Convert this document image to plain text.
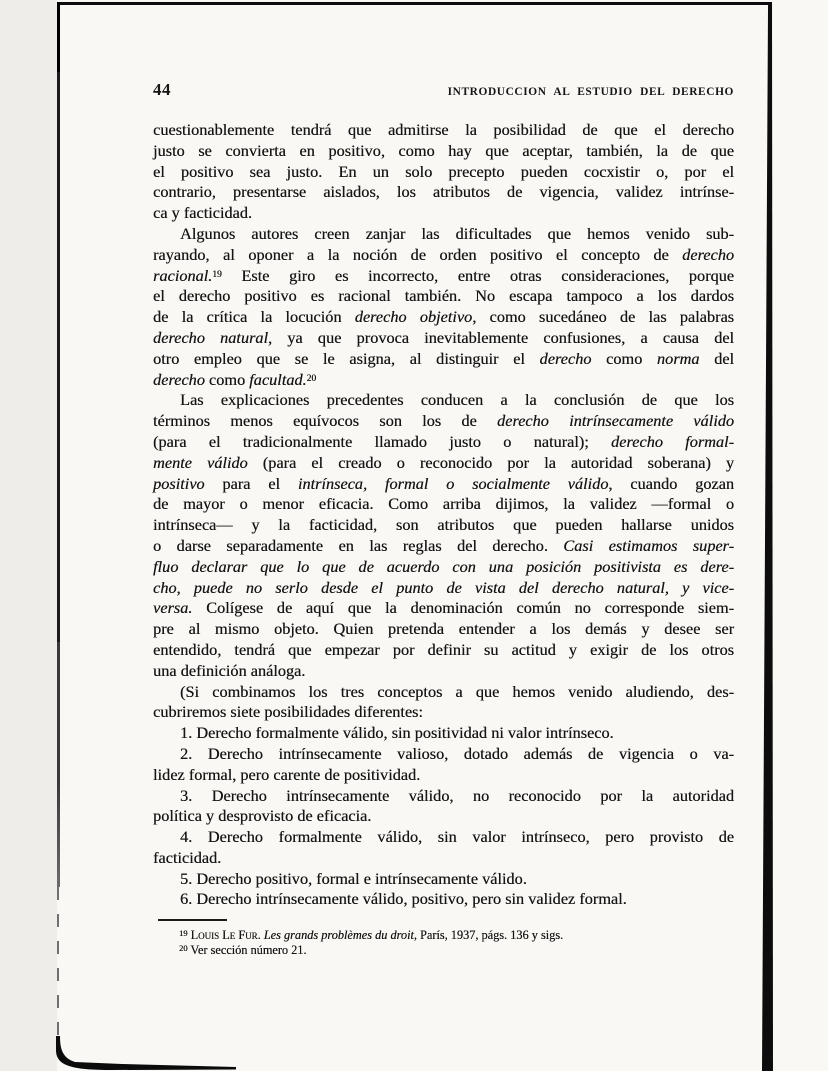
44	INTRODUCCION AL ESTUDIO DEL DERECHO
cuestionablemente tendrá que admitirse la posibilidad de que el derecho
justo se convierta en positivo, como hay que aceptar, también, la de que
el positivo sea justo. En un solo precepto pueden cocxistir o, por el
contrario, presentarse aislados, los atributos de vigencia, validez intrínse-
ca y facticidad.
Algunos autores creen zanjar las dificultades que hemos venido sub-
rayando, al oponer a la noción de orden positivo el concepto de derecho
racional.$^{19}$ Este giro es incorrecto, entre otras consideraciones, porque
el derecho positivo es racional también. No escapa tampoco a los dardos
de la crítica la locución derecho objetivo, como sucedáneo de las palabras
derecho natural, ya que provoca inevitablemente confusiones, a causa del
otro empleo que se le asigna, al distinguir el derecho como norma del
derecho como facultad.$^{20}$
Las explicaciones precedentes conducen a la conclusión de que los
términos menos equívocos son los de derecho intrínsecamente válido
(para el tradicionalmente llamado justo o natural); derecho formal-
mente válido (para el creado o reconocido por la autoridad soberana) y
positivo para el intrínseca, formal o socialmente válido, cuando gozan
de mayor o menor eficacia. Como arriba dijimos, la validez —formal o
intrínseca— y la facticidad, son atributos que pueden hallarse unidos
o darse separadamente en las reglas del derecho. Casi estimamos super-
fluo declarar que lo que de acuerdo con una posición positivista es dere-
cho, puede no serlo desde el punto de vista del derecho natural, y vice-
versa. Colígese de aquí que la denominación común no corresponde siem-
pre al mismo objeto. Quien pretenda entender a los demás y desee ser
entendido, tendrá que empezar por definir su actitud y exigir de los otros
una definición análoga.
(Si combinamos los tres conceptos a que hemos venido aludiendo, des-
cubriremos siete posibilidades diferentes:
1. Derecho formalmente válido, sin positividad ni valor intrínseco.
2. Derecho intrínsecamente valioso, dotado además de vigencia o va-
lidez formal, pero carente de positividad.
3. Derecho intrínsecamente válido, no reconocido por la autoridad
política y desprovisto de eficacia.
4. Derecho formalmente válido, sin valor intrínseco, pero provisto de
facticidad.
5. Derecho positivo, formal e intrínsecamente válido.
6. Derecho intrínsecamente válido, positivo, pero sin validez formal.
$^{19}$ Louis Le Fur. Les grands problèmes du droit, París, 1937, págs. 136 y sigs.
$^{20}$ Ver sección número 21.
